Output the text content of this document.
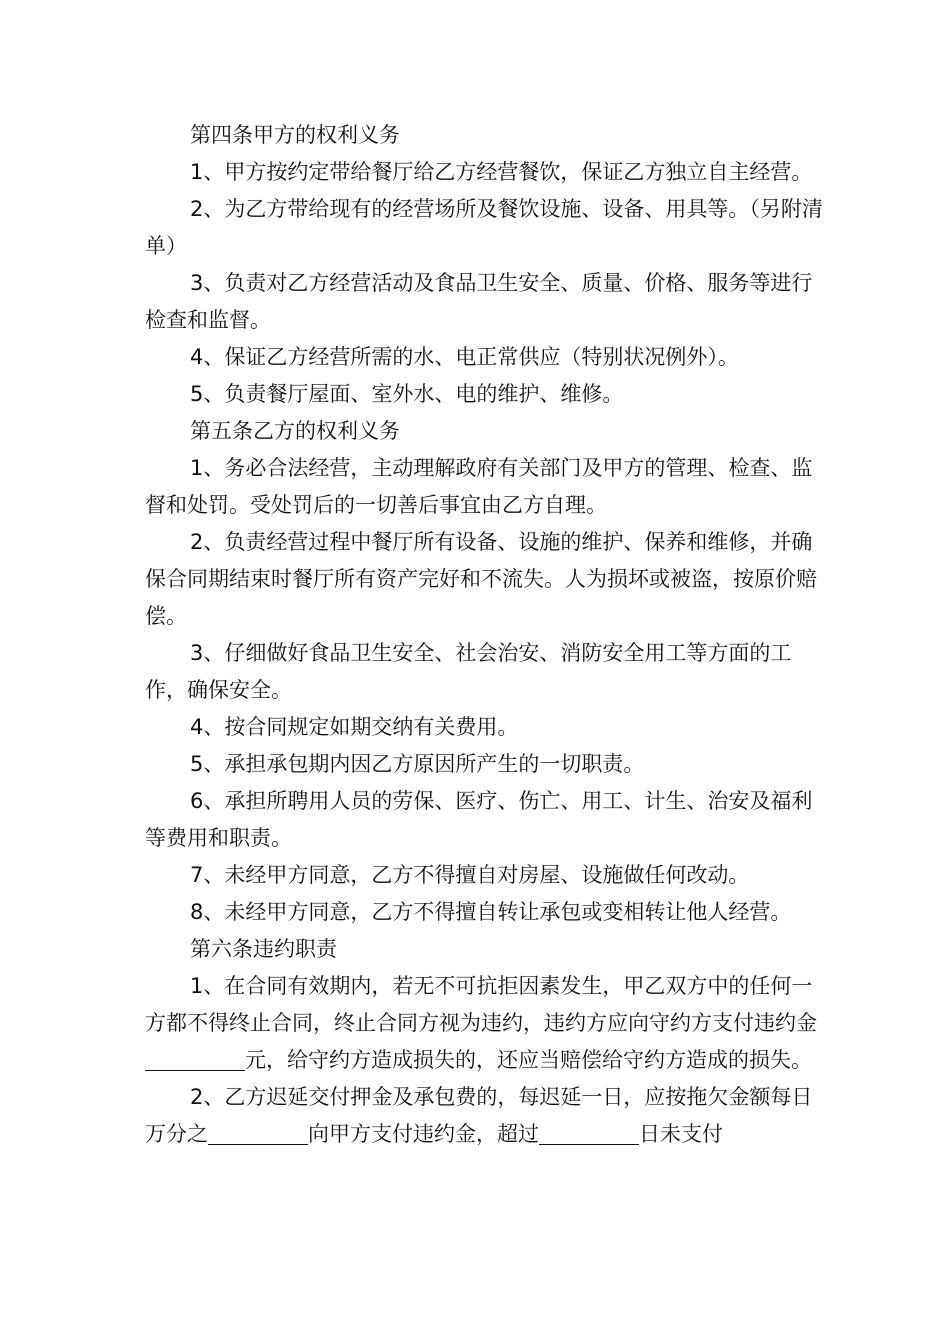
第四条甲方的权利义务

1、甲方按约定带给餐厅给乙方经营餐饮，保证乙方独立自主经营。

2、为乙方带给现有的经营场所及餐饮设施、设备、用具等。（另附清单）

3、负责对乙方经营活动及食品卫生安全、质量、价格、服务等进行检查和监督。

4、保证乙方经营所需的水、电正常供应（特别状况例外）。

5、负责餐厅屋面、室外水、电的维护、维修。

第五条乙方的权利义务

1、务必合法经营，主动理解政府有关部门及甲方的管理、检查、监督和处罚。受处罚后的一切善后事宜由乙方自理。

2、负责经营过程中餐厅所有设备、设施的维护、保养和维修，并确保合同期结束时餐厅所有资产完好和不流失。人为损坏或被盗，按原价赔偿。

3、仔细做好食品卫生安全、社会治安、消防安全用工等方面的工作，确保安全。

4、按合同规定如期交纳有关费用。

5、承担承包期内因乙方原因所产生的一切职责。

6、承担所聘用人员的劳保、医疗、伤亡、用工、计生、治安及福利等费用和职责。

7、未经甲方同意，乙方不得擅自对房屋、设施做任何改动。

8、未经甲方同意，乙方不得擅自转让承包或变相转让他人经营。

第六条违约职责

1、在合同有效期内，若无不可抗拒因素发生，甲乙双方中的任何一方都不得终止合同，终止合同方视为违约，违约方应向守约方支付违约金元，给守约方造成损失的，还应当赔偿给守约方造成的损失。

2、乙方迟延交付押金及承包费的，每迟延一日，应按拖欠金额每日万分之	向甲方支付违约金，超过	日未支付
